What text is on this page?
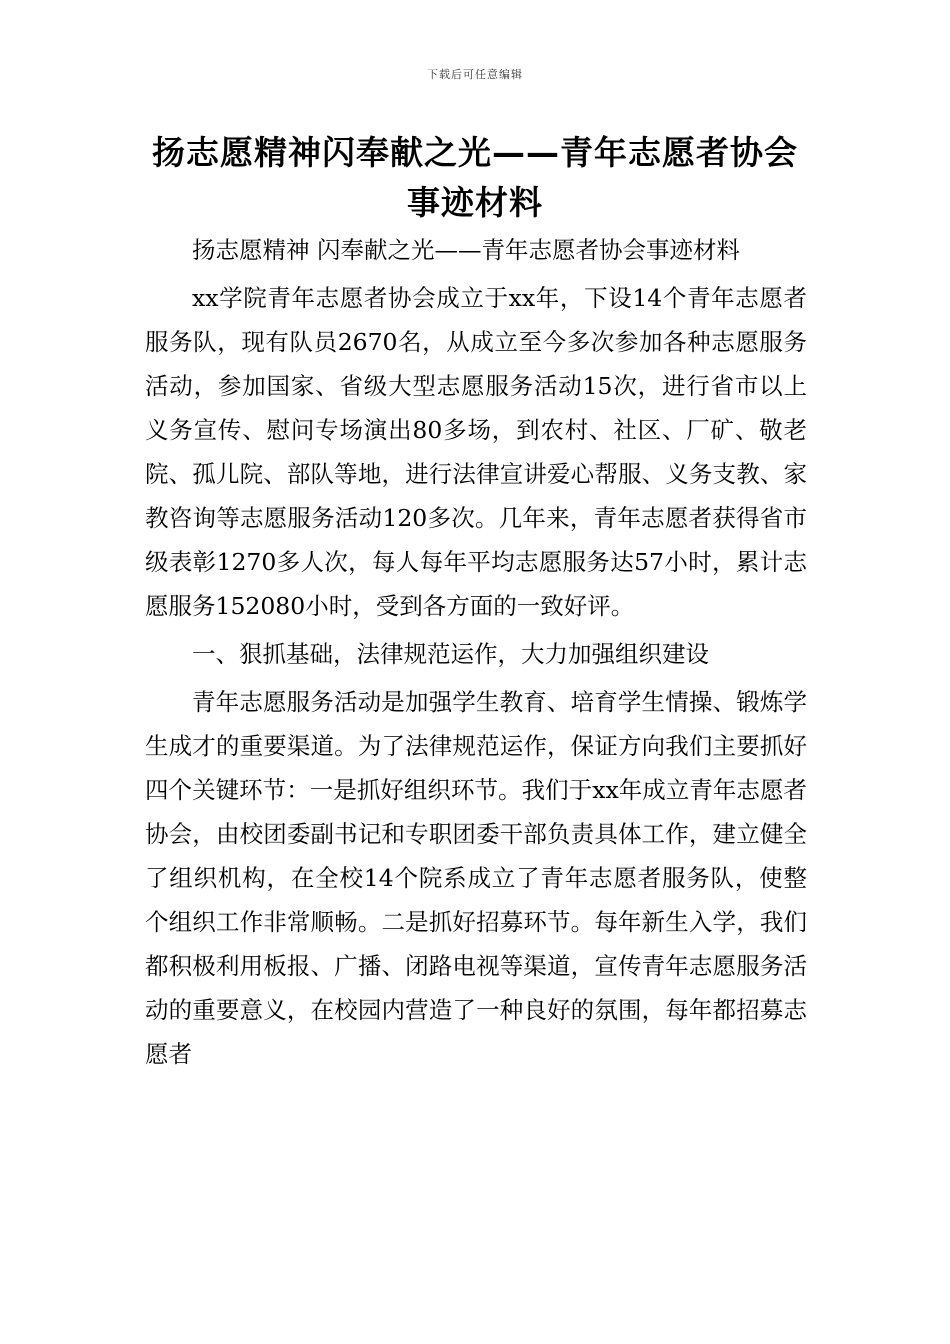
下载后可任意编辑
扬志愿精神闪奉献之光——青年志愿者协会事迹材料

扬志愿精神 闪奉献之光——青年志愿者协会事迹材料

xx学院青年志愿者协会成立于xx年，下设14个青年志愿者服务队，现有队员2670名，从成立至今多次参加各种志愿服务活动，参加国家、省级大型志愿服务活动15次，进行省市以上义务宣传、慰问专场演出80多场，到农村、社区、厂矿、敬老院、孤儿院、部队等地，进行法律宣讲爱心帮服、义务支教、家教咨询等志愿服务活动120多次。几年来，青年志愿者获得省市级表彰1270多人次，每人每年平均志愿服务达57小时，累计志愿服务152080小时，受到各方面的一致好评。

一、狠抓基础，法律规范运作，大力加强组织建设

青年志愿服务活动是加强学生教育、培育学生情操、锻炼学生成才的重要渠道。为了法律规范运作，保证方向我们主要抓好四个关键环节：一是抓好组织环节。我们于xx年成立青年志愿者协会，由校团委副书记和专职团委干部负责具体工作，建立健全了组织机构，在全校14个院系成立了青年志愿者服务队，使整个组织工作非常顺畅。二是抓好招募环节。每年新生入学，我们都积极利用板报、广播、闭路电视等渠道，宣传青年志愿服务活动的重要意义，在校园内营造了一种良好的氛围，每年都招募志愿者
